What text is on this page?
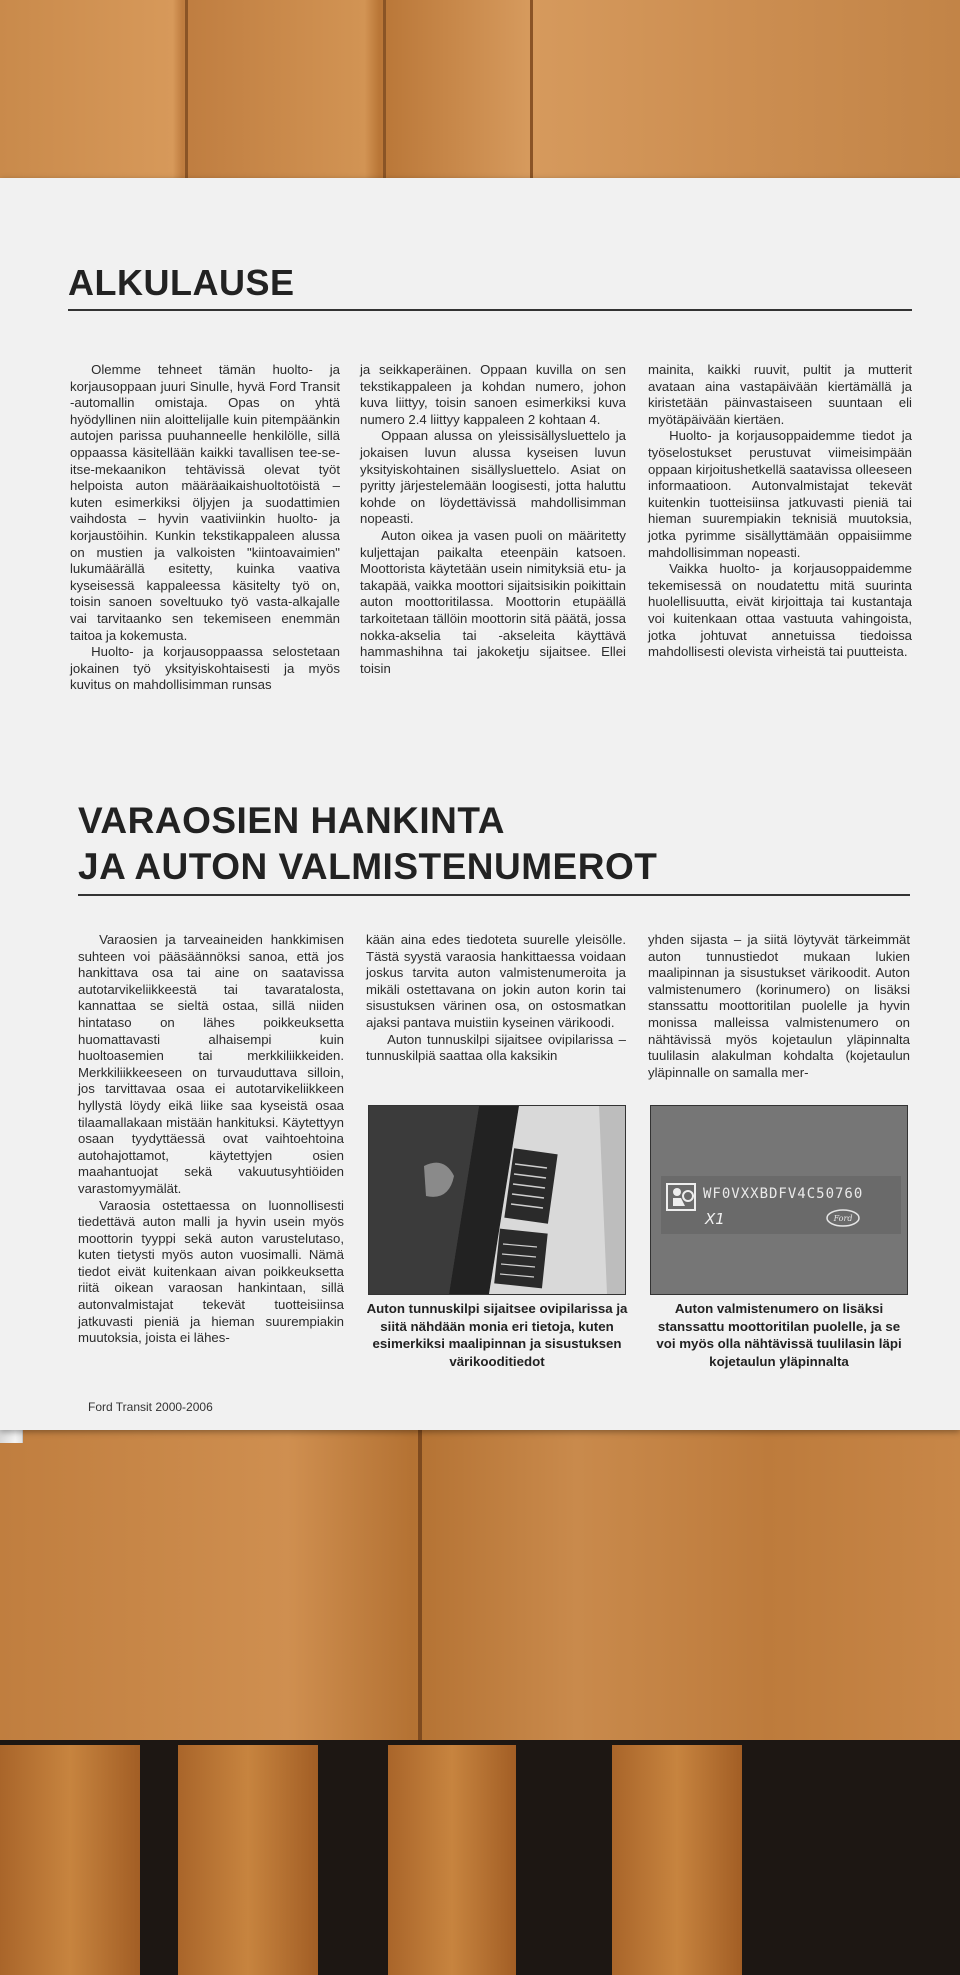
ALKULAUSE

Olemme tehneet tämän huolto- ja korjausoppaan juuri Sinulle, hyvä Ford Transit -automallin omistaja. Opas on yhtä hyödyllinen niin aloittelijalle kuin pitempäänkin autojen parissa puuhanneelle henkilölle, sillä oppaassa käsitellään kaikki tavallisen tee-se-itse-mekaanikon tehtävissä olevat työt helpoista auton määräaikaishuoltotöistä – kuten esimerkiksi öljyjen ja suodattimien vaihdosta – hyvin vaativiinkin huolto- ja korjaustöihin. Kunkin tekstikappaleen alussa on mustien ja valkoisten "kiintoavaimien" lukumäärällä esitetty, kuinka vaativa kyseisessä kappaleessa käsitelty työ on, toisin sanoen soveltuuko työ vasta-alkajalle vai tarvitaanko sen tekemiseen enemmän taitoa ja kokemusta.

Huolto- ja korjausoppaassa selostetaan jokainen työ yksityiskohtaisesti ja myös kuvitus on mahdollisimman runsas

ja seikkaperäinen. Oppaan kuvilla on sen tekstikappaleen ja kohdan numero, johon kuva liittyy, toisin sanoen esimerkiksi kuva numero 2.4 liittyy kappaleen 2 kohtaan 4.

Oppaan alussa on yleissisällysluettelo ja jokaisen luvun alussa kyseisen luvun yksityiskohtainen sisällysluettelo. Asiat on pyritty järjestelemään loogisesti, jotta haluttu kohde on löydettävissä mahdollisimman nopeasti.

Auton oikea ja vasen puoli on määritetty kuljettajan paikalta eteenpäin katsoen. Moottorista käytetään usein nimityksiä etu- ja takapää, vaikka moottori sijaitsisikin poikittain auton moottoritilassa. Moottorin etupäällä tarkoitetaan tällöin moottorin sitä päätä, jossa nokka-akselia tai -akseleita käyttävä hammashihna tai jakoketju sijaitsee. Ellei toisin

mainita, kaikki ruuvit, pultit ja mutterit avataan aina vastapäivään kiertämällä ja kiristetään päinvastaiseen suuntaan eli myötäpäivään kiertäen.

Huolto- ja korjausoppaidemme tiedot ja työselostukset perustuvat viimeisimpään oppaan kirjoitushetkellä saatavissa olleeseen informaatioon. Autonvalmistajat tekevät kuitenkin tuotteisiinsa jatkuvasti pieniä tai hieman suurempiakin teknisiä muutoksia, jotka pyrimme sisällyttämään oppaisiimme mahdollisimman nopeasti.

Vaikka huolto- ja korjausoppaidemme tekemisessä on noudatettu mitä suurinta huolellisuutta, eivät kirjoittaja tai kustantaja voi kuitenkaan ottaa vastuuta vahingoista, jotka johtuvat annetuissa tiedoissa mahdollisesti olevista virheistä tai puutteista.

VARAOSIEN HANKINTA
JA AUTON VALMISTENUMEROT

Varaosien ja tarveaineiden hankkimisen suhteen voi pääsäännöksi sanoa, että jos hankittava osa tai aine on saatavissa autotarvikeliikkeestä tai tavaratalosta, kannattaa se sieltä ostaa, sillä niiden hintataso on lähes poikkeuksetta huomattavasti alhaisempi kuin huoltoasemien tai merkkiliikkeiden. Merkkiliikkeeseen on turvauduttava silloin, jos tarvittavaa osaa ei autotarvikeliikkeen hyllystä löydy eikä liike saa kyseistä osaa tilaamallakaan mistään hankituksi. Käytettyyn osaan tyydyttäessä ovat vaihtoehtoina autohajottamot, käytettyjen osien maahantuojat sekä vakuutusyhtiöiden varastomyymälät.

Varaosia ostettaessa on luonnollisesti tiedettävä auton malli ja hyvin usein myös moottorin tyyppi sekä auton varustelutaso, kuten tietysti myös auton vuosimalli. Nämä tiedot eivät kuitenkaan aivan poikkeuksetta riitä oikean varaosan hankintaan, sillä autonvalmistajat tekevät tuotteisiinsa jatkuvasti pieniä ja hieman suurempiakin muutoksia, joista ei lähes-

kään aina edes tiedoteta suurelle yleisölle. Tästä syystä varaosia hankittaessa voidaan joskus tarvita auton valmistenumeroita ja mikäli ostettavana on jokin auton korin tai sisustuksen värinen osa, on ostosmatkan ajaksi pantava muistiin kyseinen värikoodi.

Auton tunnuskilpi sijaitsee ovipilarissa – tunnuskilpiä saattaa olla kaksikin

yhden sijasta – ja siitä löytyvät tärkeimmät auton tunnustiedot mukaan lukien maalipinnan ja sisustukset värikoodit. Auton valmistenumero (korinumero) on lisäksi stanssattu moottoritilan puolelle ja hyvin monissa malleissa valmistenumero on nähtävissä myös kojetaulun yläpinnalta tuulilasin alakulman kohdalta (kojetaulun yläpinnalle on samalla mer-

Auton tunnuskilpi sijaitsee ovipilarissa ja siitä nähdään monia eri tietoja, kuten esimerkiksi maalipinnan ja sisustuksen värikooditiedot
WF0VXXBDFV4C50760
X1	Ford
Auton valmistenumero on lisäksi stanssattu moottoritilan puolelle, ja se voi myös olla nähtävissä tuulilasin läpi kojetaulun yläpinnalta
Ford Transit 2000-2006
